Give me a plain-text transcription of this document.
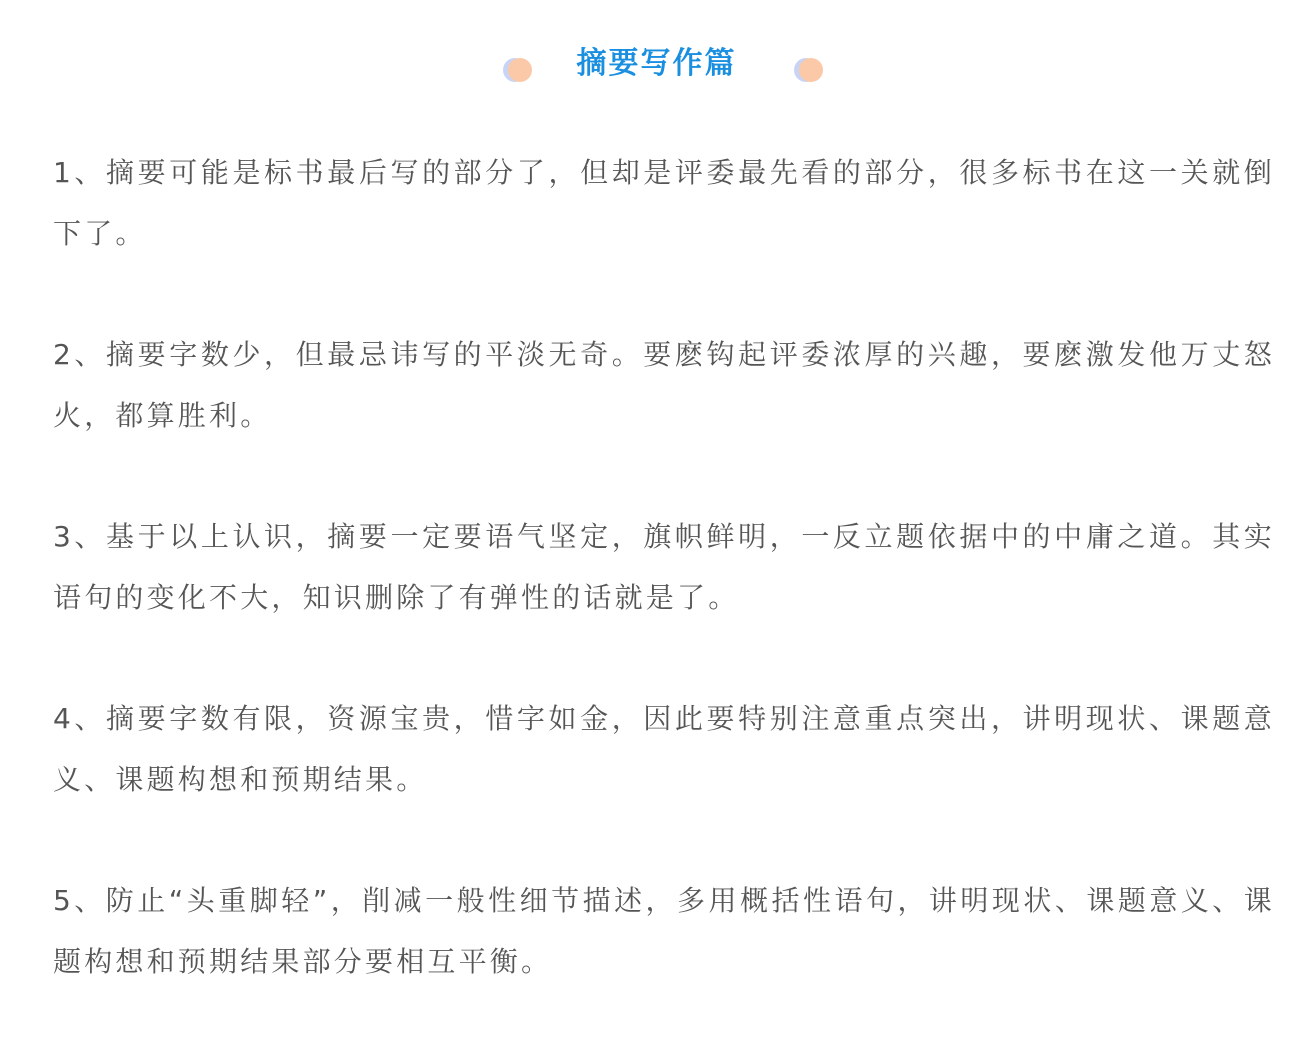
摘要写作篇

1、摘要可能是标书最后写的部分了，但却是评委最先看的部分，很多标书在这一关就倒下了。

2、摘要字数少，但最忌讳写的平淡无奇。要麽钩起评委浓厚的兴趣，要麽激发他万丈怒火，都算胜利。

3、基于以上认识，摘要一定要语气坚定，旗帜鲜明，一反立题依据中的中庸之道。其实语句的变化不大，知识删除了有弹性的话就是了。

4、摘要字数有限，资源宝贵，惜字如金，因此要特别注意重点突出，讲明现状、课题意义、课题构想和预期结果。

5、防止“头重脚轻”，削减一般性细节描述，多用概括性语句，讲明现状、课题意义、课题构想和预期结果部分要相互平衡。
